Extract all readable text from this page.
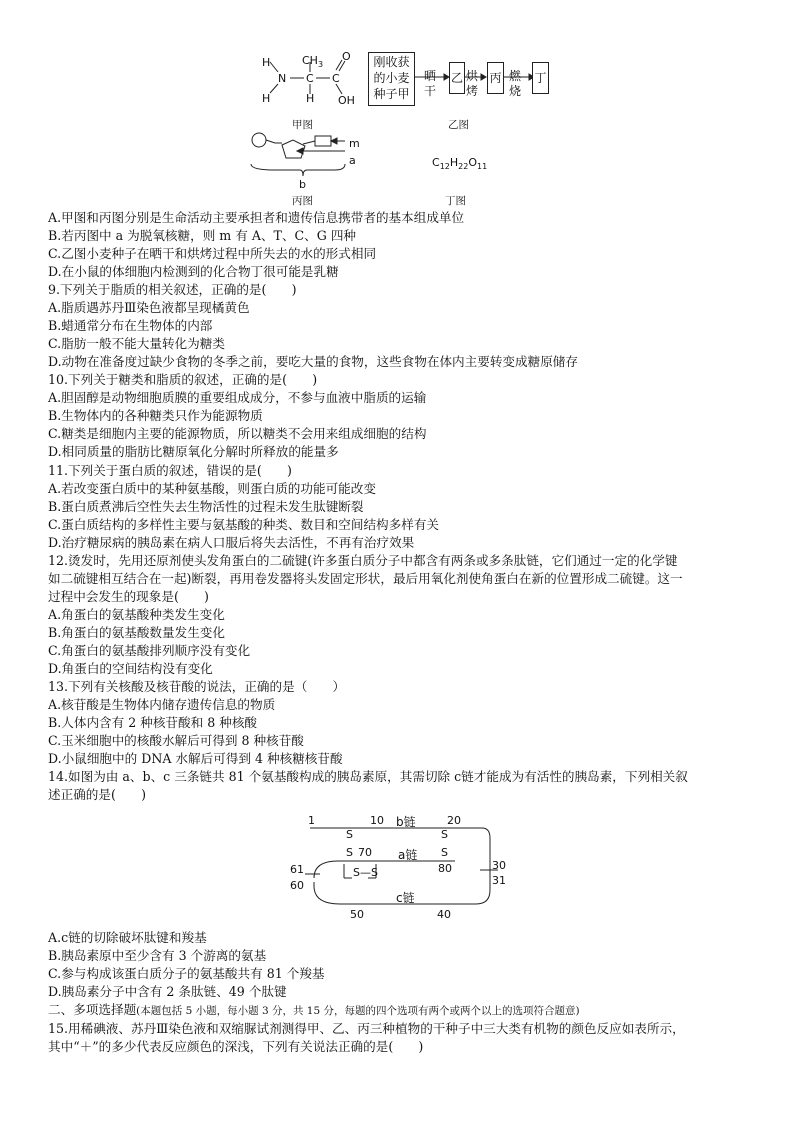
H
H
N
$CH_3$
H
C C
O
OH
甲图
刚收获
的小麦
种子甲
晒
干
乙 烘
烤
丙 燃
烧
丁
乙图
m
a
b
丙图
$C_{12}H_{22}O_{11}$
丁图
A.甲图和丙图分别是生命活动主要承担者和遗传信息携带者的基本组成单位
B.若丙图中 a 为脱氧核糖，则 m 有 A、T、C、G 四种
C.乙图小麦种子在晒干和烘烤过程中所失去的水的形式相同
D.在小鼠的体细胞内检测到的化合物丁很可能是乳糖
9.下列关于脂质的相关叙述，正确的是(　　)
A.脂质遇苏丹Ⅲ染色液都呈现橘黄色
B.蜡通常分布在生物体的内部
C.脂肪一般不能大量转化为糖类
D.动物在准备度过缺少食物的冬季之前，要吃大量的食物，这些食物在体内主要转变成糖原储存
10.下列关于糖类和脂质的叙述，正确的是(　　)
A.胆固醇是动物细胞质膜的重要组成成分，不参与血液中脂质的运输
B.生物体内的各种糖类只作为能源物质
C.糖类是细胞内主要的能源物质，所以糖类不会用来组成细胞的结构
D.相同质量的脂肪比糖原氧化分解时所释放的能量多
11.下列关于蛋白质的叙述，错误的是(　　)
A.若改变蛋白质中的某种氨基酸，则蛋白质的功能可能改变
B.蛋白质煮沸后空性失去生物活性的过程未发生肽键断裂
C.蛋白质结构的多样性主要与氨基酸的种类、数目和空间结构多样有关
D.治疗糖尿病的胰岛素在病人口服后将失去活性，不再有治疗效果
12.烫发时，先用还原剂使头发角蛋白的二硫键(许多蛋白质分子中都含有两条或多条肽链，它们通过一定的化学键
如二硫键相互结合在一起)断裂，再用卷发器将头发固定形状，最后用氧化剂使角蛋白在新的位置形成二硫键。这一
过程中会发生的现象是(　　)
A.角蛋白的氨基酸种类发生变化
B.角蛋白的氨基酸数量发生变化
C.角蛋白的氨基酸排列顺序没有变化
D.角蛋白的空间结构没有变化
13.下列有关核酸及核苷酸的说法，正确的是（　　）
A.核苷酸是生物体内储存遗传信息的物质
B.人体内含有 2 种核苷酸和 8 种核酸
C.玉米细胞中的核酸水解后可得到 8 种核苷酸
D.小鼠细胞中的 DNA 水解后可得到 4 种核糖核苷酸
14.如图为由 a、b、c 三条链共 81 个氨基酸构成的胰岛素原，其需切除 c链才能成为有活性的胰岛素，下列相关叙
述正确的是(　　)
1	10 b链	20
S
S 70 a链
S
S
80
61
60
S—S
30
31
c链
50	40
A.c链的切除破坏肽键和羧基
B.胰岛素原中至少含有 3 个游离的氨基
C.参与构成该蛋白质分子的氨基酸共有 81 个羧基
D.胰岛素分子中含有 2 条肽链、49 个肽键
二、多项选择题(本题包括 5 小题，每小题 3 分，共 15 分，每题的四个选项有两个或两个以上的选项符合题意)
15.用稀碘液、苏丹Ⅲ染色液和双缩脲试剂测得甲、乙、丙三种植物的干种子中三大类有机物的颜色反应如表所示，
其中“＋”的多少代表反应颜色的深浅，下列有关说法正确的是(　　)
